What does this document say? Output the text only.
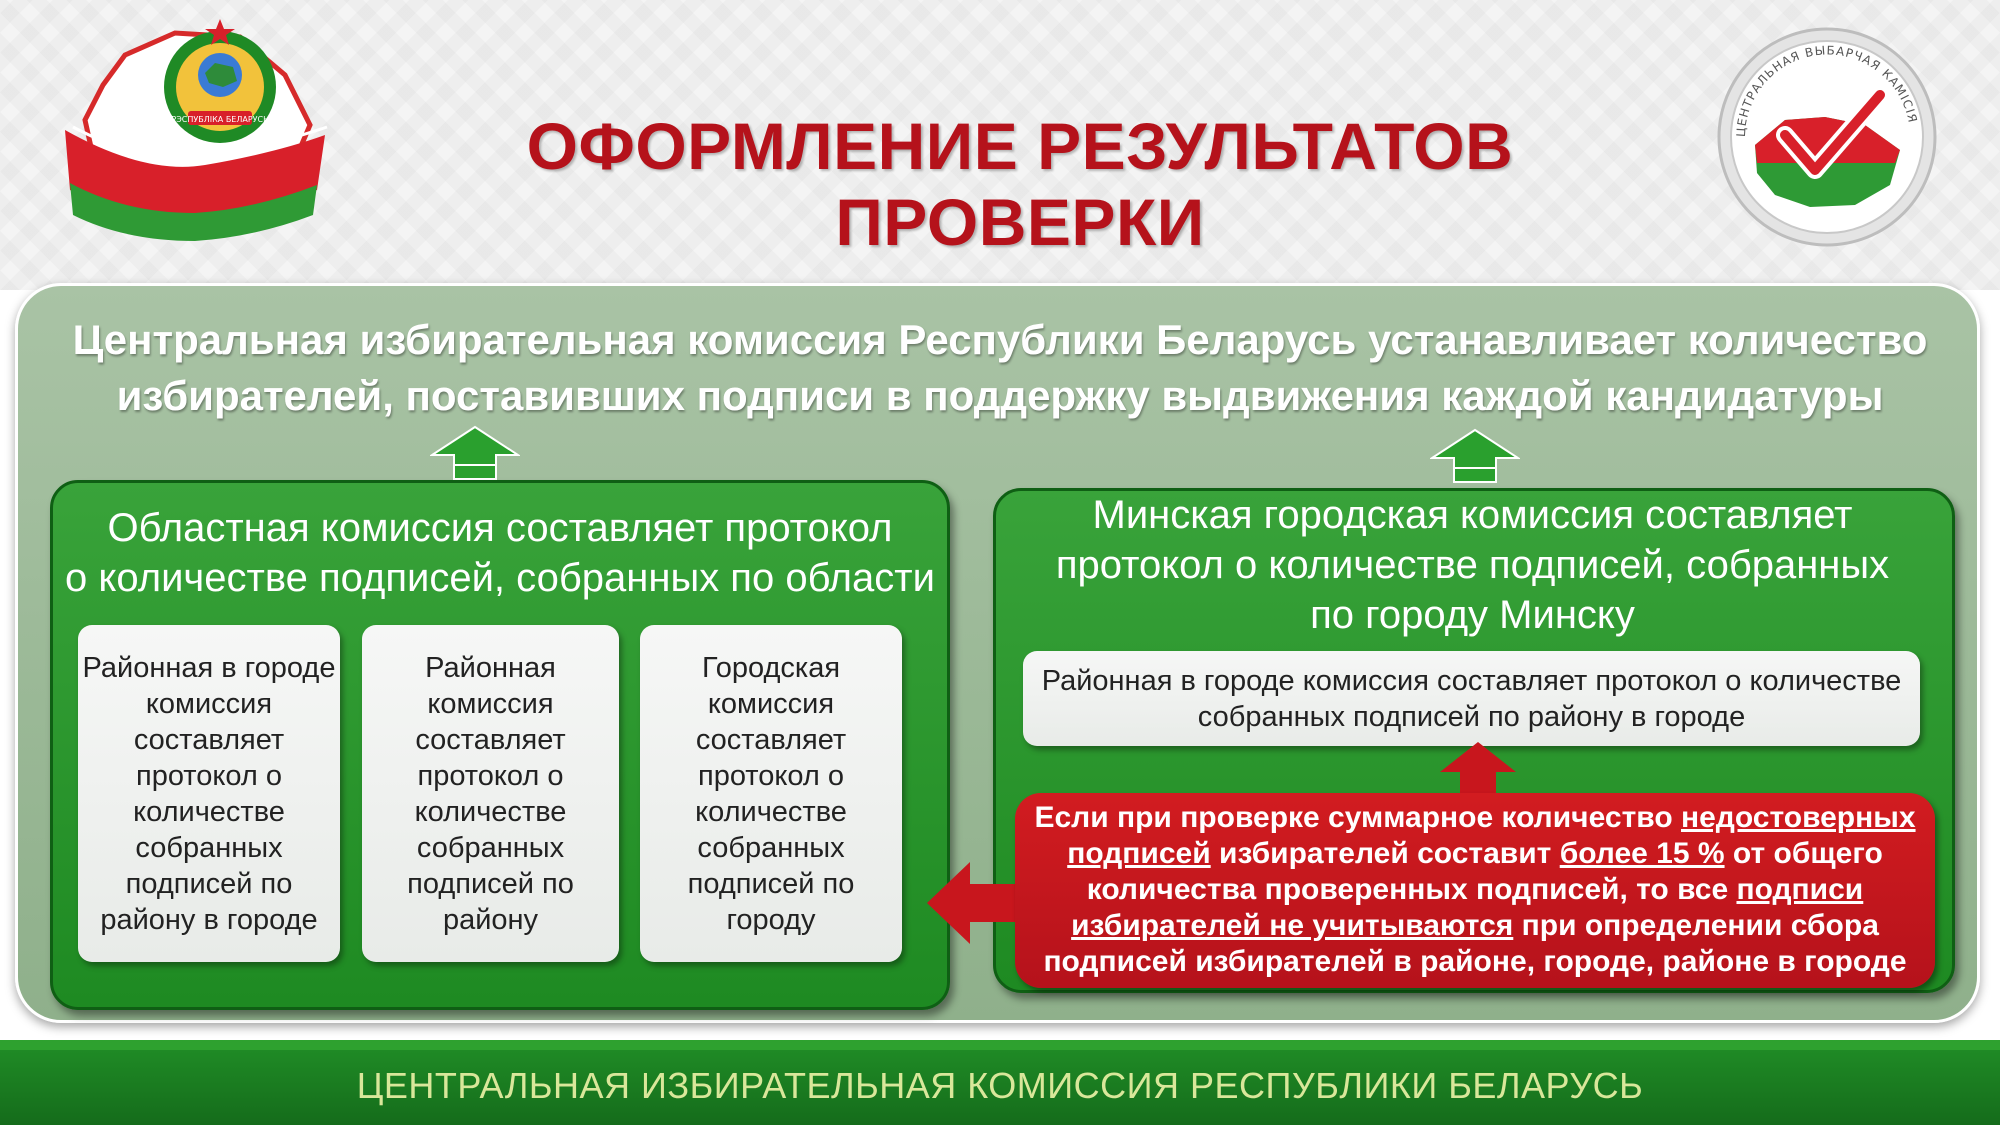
РЭСПУБЛІКА БЕЛАРУСЬ	ОФОРМЛЕНИЕ РЕЗУЛЬТАТОВ ПРОВЕРКИ
ЦЕНТРАЛЬНАЯ ВЫБАРЧАЯ КАМІСІЯ
Центральная избирательная комиссия Республики Беларусь устанавливает количество
избирателей, поставивших подписи в поддержку выдвижения каждой кандидатуры
Областная комиссия составляет протокол
о количестве подписей, собранных по области
Районная в городе комиссия составляет протокол о количестве собранных подписей по району в городе
Районная комиссия составляет протокол о количестве собранных подписей по району
Городская комиссия составляет протокол о количестве собранных подписей по городу
Минская городская комиссия составляет
протокол о количестве подписей, собранных
по городу Минску
Районная в городе комиссия составляет протокол о количестве
собранных подписей по району в городе
Если при проверке суммарное количество недостоверных подписей избирателей составит более 15 % от общего количества проверенных подписей, то все подписи избирателей не учитываются при определении сбора подписей избирателей в районе, городе, районе в городе
ЦЕНТРАЛЬНАЯ ИЗБИРАТЕЛЬНАЯ КОМИССИЯ РЕСПУБЛИКИ БЕЛАРУСЬ
